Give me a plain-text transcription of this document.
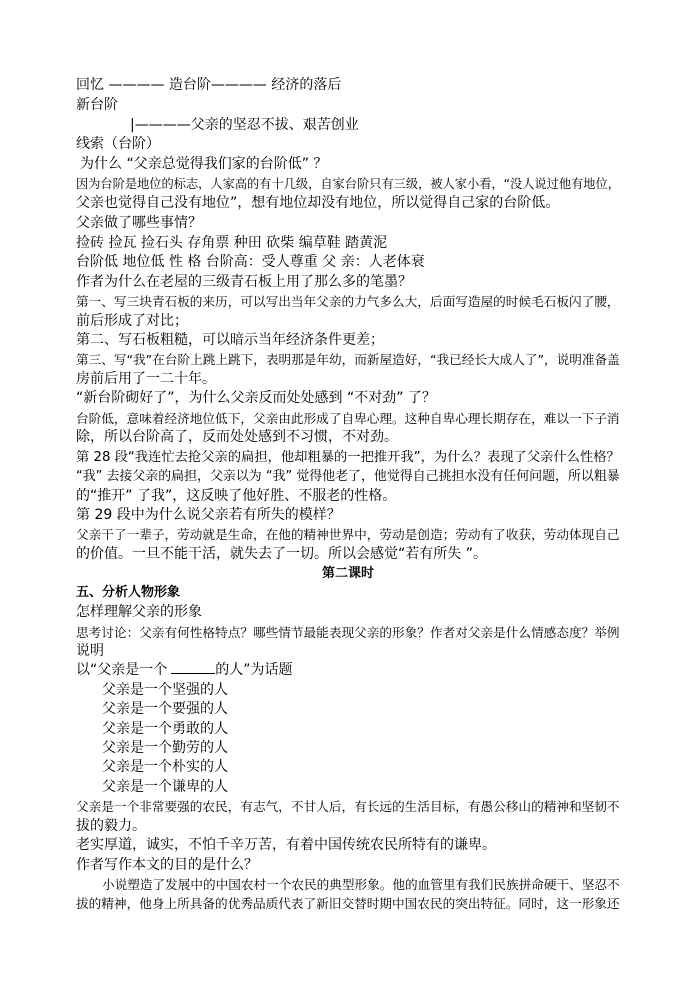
回忆 ———— 造台阶———— 经济的落后
新台阶
|————父亲的坚忍不拔、艰苦创业
线索（台阶）
为什么 “父亲总觉得我们家的台阶低” ？
因为台阶是地位的标志，人家高的有十几级，自家台阶只有三级，被人家小看，“没人说过他有地位，
父亲也觉得自己没有地位”，想有地位却没有地位，所以觉得自己家的台阶低。
父亲做了哪些事情？
捡砖 捡瓦 捡石头 存角票 种田 砍柴 编草鞋 踏黄泥
台阶低 地位低 性 格 台阶高：受人尊重 父 亲：人老体衰
作者为什么在老屋的三级青石板上用了那么多的笔墨？
第一、写三块青石板的来历，可以写出当年父亲的力气多么大，后面写造屋的时候毛石板闪了腰，
前后形成了对比；
第二、写石板粗糙，可以暗示当年经济条件更差；
第三、写“我”在台阶上跳上跳下，表明那是年幼，而新屋造好，“我已经长大成人了”，说明准备盖
房前后用了一二十年。
“新台阶砌好了”，为什么父亲反而处处感到 “不对劲” 了？
台阶低，意味着经济地位低下，父亲由此形成了自卑心理。这种自卑心理长期存在，难以一下子消
除，所以台阶高了，反而处处感到不习惯，不对劲。
第 28 段“我连忙去抢父亲的扁担，他却粗暴的一把推开我”，为什么？表现了父亲什么性格？
“我” 去接父亲的扁担，父亲以为 “我” 觉得他老了，他觉得自己挑担水没有任何问题，所以粗暴
的“推开” 了我”，这反映了他好胜、不服老的性格。
第 29 段中为什么说父亲若有所失的模样？
父亲干了一辈子，劳动就是生命，在他的精神世界中，劳动是创造；劳动有了收获，劳动体现自己
的价值。一旦不能干活，就失去了一切。所以会感觉“若有所失 ”。
第二课时
五、分析人物形象
怎样理解父亲的形象
思考讨论：父亲有何性格特点？哪些情节最能表现父亲的形象？作者对父亲是什么情感态度？举例
说明
以“父亲是一个	的人”为话题
父亲是一个坚强的人
父亲是一个要强的人
父亲是一个勇敢的人
父亲是一个勤劳的人
父亲是一个朴实的人
父亲是一个谦卑的人
父亲是一个非常要强的农民，有志气，不甘人后，有长远的生活目标，有愚公移山的精神和坚韧不
拔的毅力。
老实厚道，诚实，不怕千辛万苦，有着中国传统农民所特有的谦卑。
作者写作本文的目的是什么？
小说塑造了发展中的中国农村一个农民的典型形象。他的血管里有我们民族拼命硬干、坚忍不
拔的精神，他身上所具备的优秀品质代表了新旧交替时期中国农民的突出特征。同时，这一形象还
